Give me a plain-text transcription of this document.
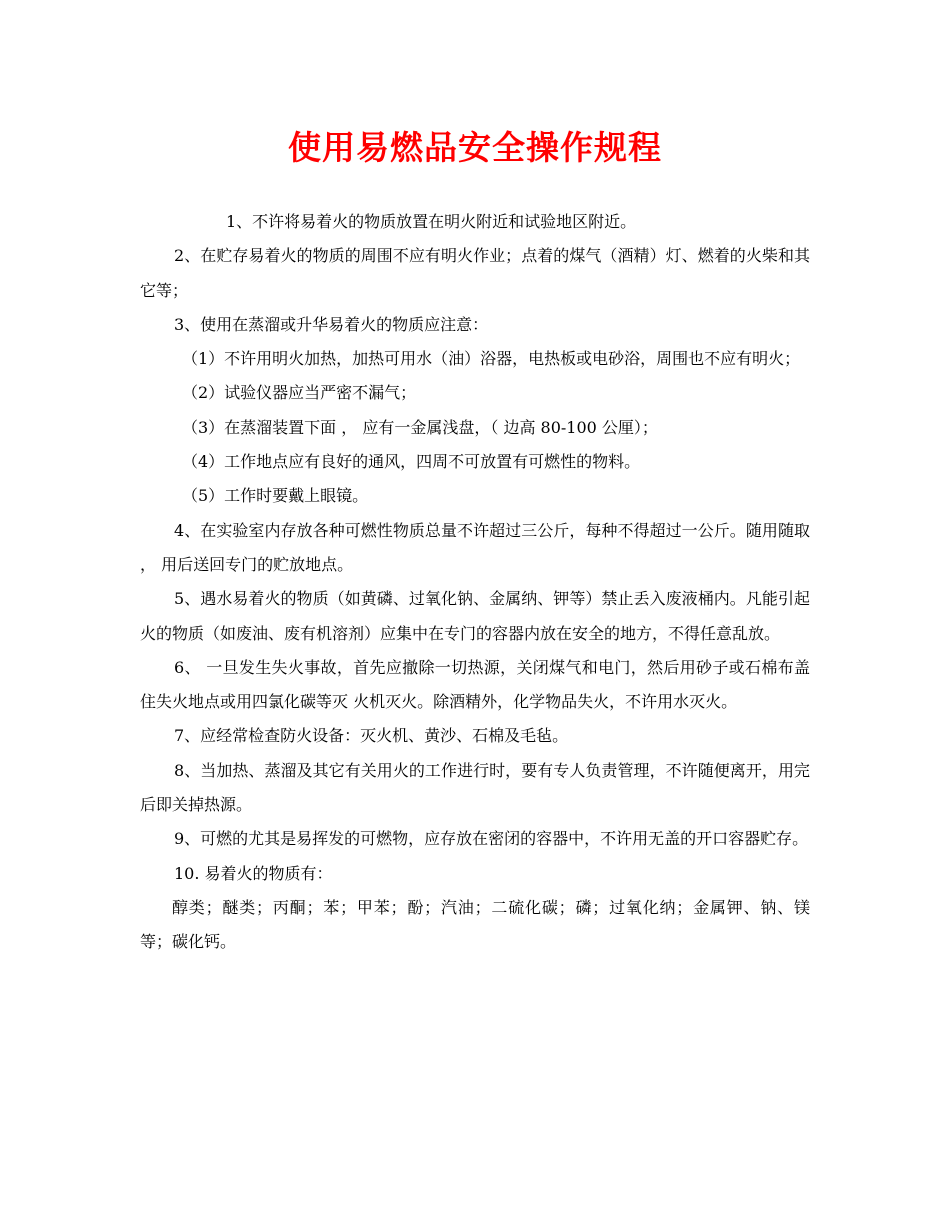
使用易燃品安全操作规程

1、不许将易着火的物质放置在明火附近和试验地区附近。

2、在贮存易着火的物质的周围不应有明火作业；点着的煤气（酒精）灯、燃着的火柴和其它等；

3、使用在蒸溜或升华易着火的物质应注意：

（1）不许用明火加热，加热可用水（油）浴器，电热板或电砂浴，周围也不应有明火；

（2）试验仪器应当严密不漏气；

（3）在蒸溜装置下面 ， 应有一金属浅盘，（ 边高 80-100 公厘）；

（4）工作地点应有良好的通风，四周不可放置有可燃性的物料。

（5）工作时要戴上眼镜。

4、在实验室内存放各种可燃性物质总量不许超过三公斤，每种不得超过一公斤。随用随取 ， 用后送回专门的贮放地点。

5、遇水易着火的物质（如黄磷、过氧化钠、金属纳、钾等）禁止丢入废液桶内。凡能引起火的物质（如废油、废有机溶剂）应集中在专门的容器内放在安全的地方，不得任意乱放。

6、 一旦发生失火事故，首先应撤除一切热源，关闭煤气和电门，然后用砂子或石棉布盖住失火地点或用四氯化碳等灭 火机灭火。除酒精外，化学物品失火，不许用水灭火。

7、应经常检查防火设备：灭火机、黄沙、石棉及毛毡。

8、当加热、蒸溜及其它有关用火的工作进行时，要有专人负责管理，不许随便离开，用完后即关掉热源。

9、可燃的尤其是易挥发的可燃物，应存放在密闭的容器中，不许用无盖的开口容器贮存。

10. 易着火的物质有：

醇类；醚类；丙酮；苯；甲苯；酚；汽油；二硫化碳；磷；过氧化纳；金属钾、钠、镁等；碳化钙。
